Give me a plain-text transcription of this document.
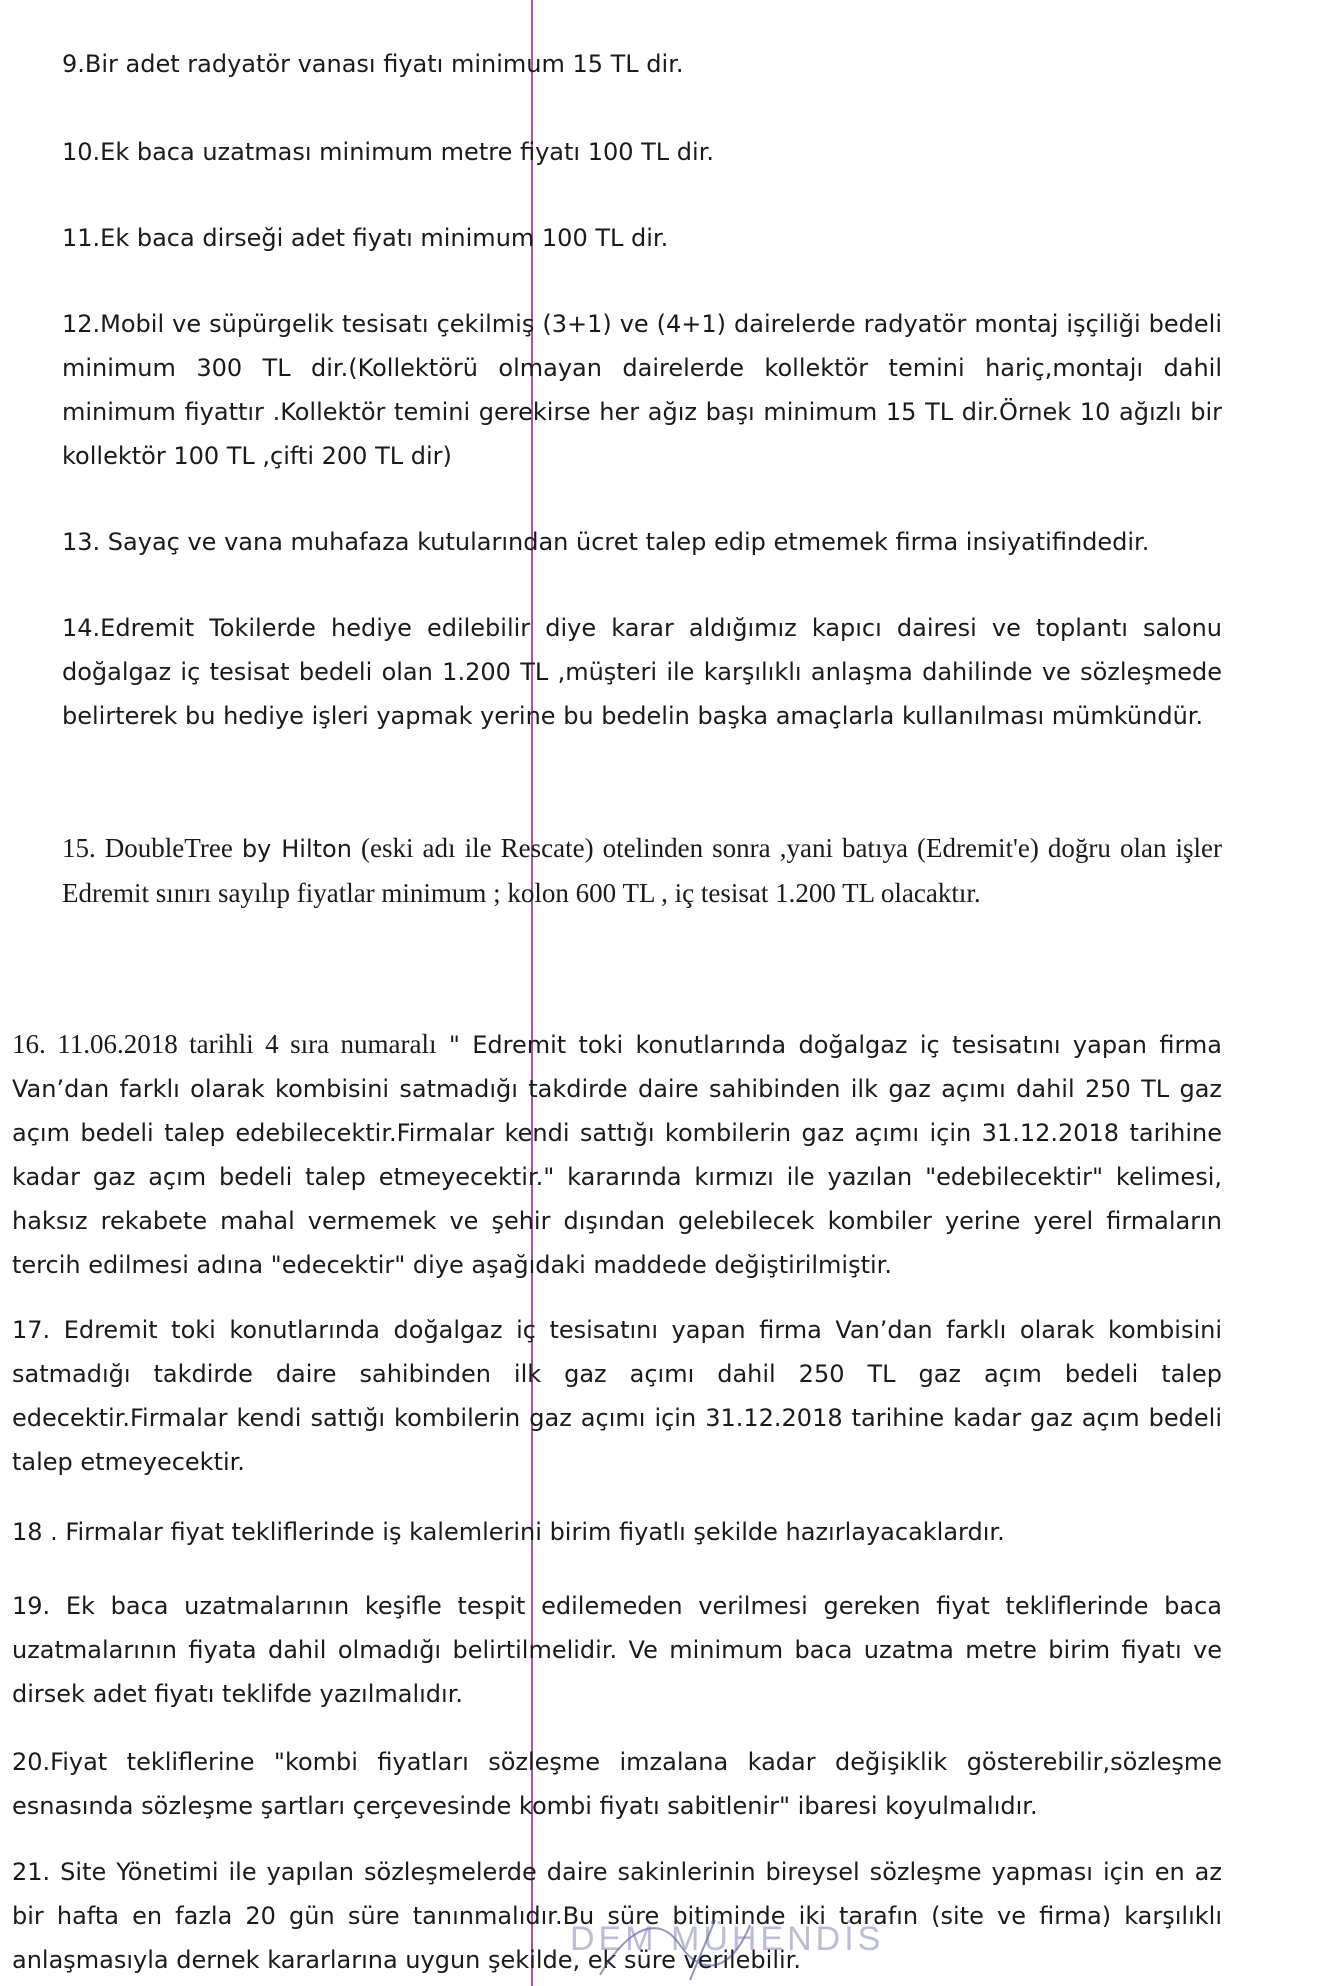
9.Bir adet radyatör vanası fiyatı minimum 15 TL dir.

10.Ek baca uzatması minimum metre fiyatı 100 TL dir.

11.Ek baca dirseği adet fiyatı minimum 100 TL dir.

12.Mobil ve süpürgelik tesisatı çekilmiş (3+1) ve (4+1) dairelerde radyatör montaj işçiliği bedeli minimum 300 TL dir.(Kollektörü olmayan dairelerde kollektör temini hariç,montajı dahil minimum fiyattır .Kollektör temini gerekirse her ağız başı minimum 15 TL dir.Örnek 10 ağızlı bir kollektör 100 TL ,çifti 200 TL dir)

13. Sayaç ve vana muhafaza kutularından ücret talep edip etmemek firma insiyatifindedir.

14.Edremit Tokilerde hediye edilebilir diye karar aldığımız kapıcı dairesi ve toplantı salonu doğalgaz iç tesisat bedeli olan 1.200 TL ,müşteri ile karşılıklı anlaşma dahilinde ve sözleşmede belirterek bu hediye işleri yapmak yerine bu bedelin başka amaçlarla kullanılması mümkündür.

15. DoubleTree by Hilton (eski adı ile Rescate) otelinden sonra ,yani batıya (Edremit'e) doğru olan işler Edremit sınırı sayılıp fiyatlar minimum ; kolon 600 TL , iç tesisat 1.200 TL olacaktır.

16. 11.06.2018 tarihli 4 sıra numaralı " Edremit toki konutlarında doğalgaz iç tesisatını yapan firma Van’dan farklı olarak kombisini satmadığı takdirde daire sahibinden ilk gaz açımı dahil 250 TL gaz açım bedeli talep edebilecektir.Firmalar kendi sattığı kombilerin gaz açımı için 31.12.2018 tarihine kadar gaz açım bedeli talep etmeyecektir." kararında kırmızı ile yazılan "edebilecektir" kelimesi, haksız rekabete mahal vermemek ve şehir dışından gelebilecek kombiler yerine yerel firmaların tercih edilmesi adına "edecektir" diye aşağıdaki maddede değiştirilmiştir.

17. Edremit toki konutlarında doğalgaz iç tesisatını yapan firma Van’dan farklı olarak kombisini satmadığı takdirde daire sahibinden ilk gaz açımı dahil 250 TL gaz açım bedeli talep edecektir.Firmalar kendi sattığı kombilerin gaz açımı için 31.12.2018 tarihine kadar gaz açım bedeli talep etmeyecektir.

18 . Firmalar fiyat tekliflerinde iş kalemlerini birim fiyatlı şekilde hazırlayacaklardır.

19. Ek baca uzatmalarının keşifle tespit edilemeden verilmesi gereken fiyat tekliflerinde baca uzatmalarının fiyata dahil olmadığı belirtilmelidir. Ve minimum baca uzatma metre birim fiyatı ve dirsek adet fiyatı teklifde yazılmalıdır.

20.Fiyat tekliflerine "kombi fiyatları sözleşme imzalana kadar değişiklik gösterebilir,sözleşme esnasında sözleşme şartları çerçevesinde kombi fiyatı sabitlenir" ibaresi koyulmalıdır.

21. Site Yönetimi ile yapılan sözleşmelerde daire sakinlerinin bireysel sözleşme yapması için en az bir hafta en fazla 20 gün süre tanınmalıdır.Bu süre bitiminde iki tarafın (site ve firma) karşılıklı anlaşmasıyla dernek kararlarına uygun şekilde, ek süre verilebilir.

DEM MÜHENDİS
